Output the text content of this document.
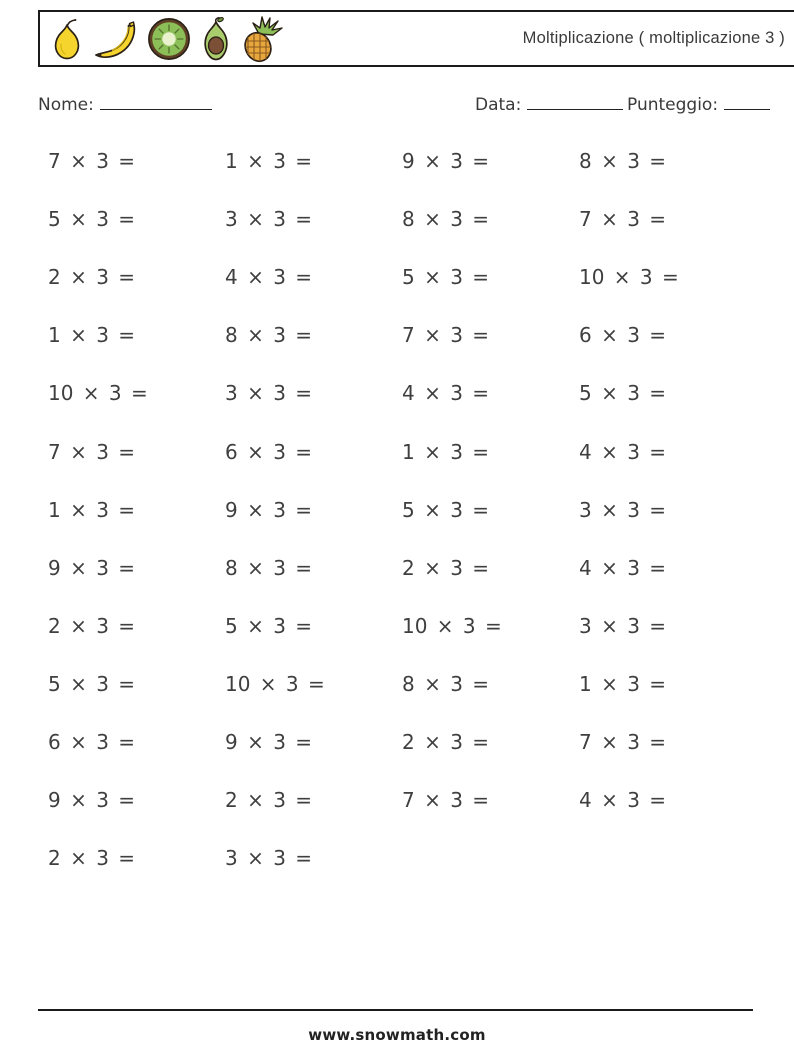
Moltiplicazione ( moltiplicazione 3 )
Nome:	Data:	Punteggio:
7 × 3 =	1 × 3 =	9 × 3 =	8 × 3 =
5 × 3 =	3 × 3 =	8 × 3 =	7 × 3 =
2 × 3 =	4 × 3 =	5 × 3 =	10 × 3 =
1 × 3 =	8 × 3 =	7 × 3 =	6 × 3 =
10 × 3 =	3 × 3 =	4 × 3 =	5 × 3 =
7 × 3 =	6 × 3 =	1 × 3 =	4 × 3 =
1 × 3 =	9 × 3 =	5 × 3 =	3 × 3 =
9 × 3 =	8 × 3 =	2 × 3 =	4 × 3 =
2 × 3 =	5 × 3 =	10 × 3 =	3 × 3 =
5 × 3 =	10 × 3 =	8 × 3 =	1 × 3 =
6 × 3 =	9 × 3 =	2 × 3 =	7 × 3 =
9 × 3 =	2 × 3 =	7 × 3 =	4 × 3 =
2 × 3 =	3 × 3 =
www.snowmath.com
